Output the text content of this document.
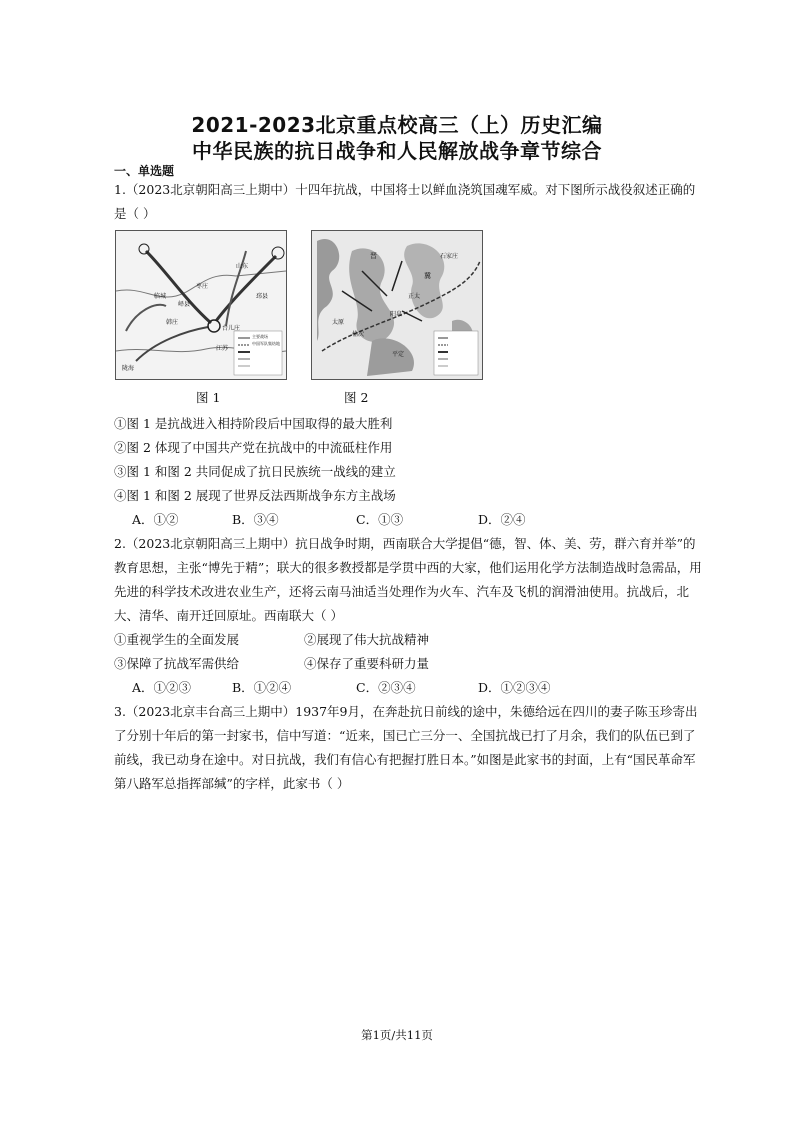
2021-2023北京重点校高三（上）历史汇编
中华民族的抗日战争和人民解放战争章节综合
一、单选题
1.（2023北京朝阳高三上期中）十四年抗战，中国将士以鲜血浇筑国魂军威。对下图所示战役叙述正确的
是（ ）
台儿庄
枣庄
临城
峄县
韩庄
邳县
陇海
山东
江苏
中国军队集结地
主要战场
太原
榆次
阳泉
平定
晋
冀
石家庄
正太
图 1	图 2
①图 1 是抗战进入相持阶段后中国取得的最大胜利
②图 2 体现了中国共产党在抗战中的中流砥柱作用
③图 1 和图 2 共同促成了抗日民族统一战线的建立
④图 1 和图 2 展现了世界反法西斯战争东方主战场
A．①②	B．③④	C．①③	D．②④
2.（2023北京朝阳高三上期中）抗日战争时期，西南联合大学提倡“德，智、体、美、劳，群六育并举”的
教育思想，主张“博先于精”；联大的很多教授都是学贯中西的大家，他们运用化学方法制造战时急需品，用
先进的科学技术改进农业生产，还将云南马油适当处理作为火车、汽车及飞机的润滑油使用。抗战后，北
大、清华、南开迁回原址。西南联大（ ）
①重视学生的全面发展	②展现了伟大抗战精神
③保障了抗战军需供给	④保存了重要科研力量
A．①②③	B．①②④	C．②③④	D．①②③④
3.（2023北京丰台高三上期中）1937年9月，在奔赴抗日前线的途中，朱德给远在四川的妻子陈玉珍寄出
了分别十年后的第一封家书，信中写道：“近来，国已亡三分一、全国抗战已打了月余，我们的队伍已到了
前线，我已动身在途中。对日抗战，我们有信心有把握打胜日本。”如图是此家书的封面，上有“国民革命军
第八路军总指挥部缄”的字样，此家书（ ）
第1页/共11页
